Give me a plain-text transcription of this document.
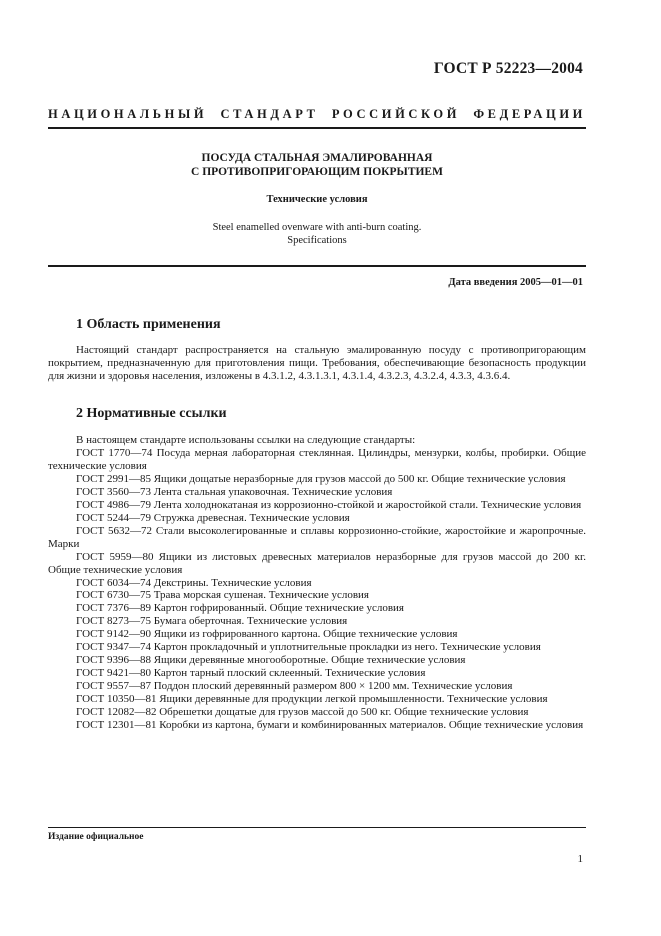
ГОСТ Р 52223—2004
НАЦИОНАЛЬНЫЙ СТАНДАРТ РОССИЙСКОЙ ФЕДЕРАЦИИ
ПОСУДА СТАЛЬНАЯ ЭМАЛИРОВАННАЯ
С ПРОТИВОПРИГОРАЮЩИМ ПОКРЫТИЕМ
Технические условия
Steel enamelled ovenware with anti-burn coating.
Specifications
Дата введения 2005—01—01
1 Область применения
Настоящий стандарт распространяется на стальную эмалированную посуду с противопригорающим покрытием, предназначенную для приготовления пищи. Требования, обеспечивающие безопасность продукции для жизни и здоровья населения, изложены в 4.3.1.2, 4.3.1.3.1, 4.3.1.4, 4.3.2.3, 4.3.2.4, 4.3.3, 4.3.6.4.
2 Нормативные ссылки
В настоящем стандарте использованы ссылки на следующие стандарты:

ГОСТ 1770—74 Посуда мерная лабораторная стеклянная. Цилиндры, мензурки, колбы, пробирки. Общие технические условия

ГОСТ 2991—85 Ящики дощатые неразборные для грузов массой до 500 кг. Общие технические условия

ГОСТ 3560—73 Лента стальная упаковочная. Технические условия

ГОСТ 4986—79 Лента холоднокатаная из коррозионно-стойкой и жаростойкой стали. Технические условия

ГОСТ 5244—79 Стружка древесная. Технические условия

ГОСТ 5632—72 Стали высоколегированные и сплавы коррозионно-стойкие, жаростойкие и жаропрочные. Марки

ГОСТ 5959—80 Ящики из листовых древесных материалов неразборные для грузов массой до 200 кг. Общие технические условия

ГОСТ 6034—74 Декстрины. Технические условия

ГОСТ 6730—75 Трава морская сушеная. Технические условия

ГОСТ 7376—89 Картон гофрированный. Общие технические условия

ГОСТ 8273—75 Бумага оберточная. Технические условия

ГОСТ 9142—90 Ящики из гофрированного картона. Общие технические условия

ГОСТ 9347—74 Картон прокладочный и уплотнительные прокладки из него. Технические условия

ГОСТ 9396—88 Ящики деревянные многооборотные. Общие технические условия

ГОСТ 9421—80 Картон тарный плоский склеенный. Технические условия

ГОСТ 9557—87 Поддон плоский деревянный размером 800 × 1200 мм. Технические условия

ГОСТ 10350—81 Ящики деревянные для продукции легкой промышленности. Технические условия

ГОСТ 12082—82 Обрешетки дощатые для грузов массой до 500 кг. Общие технические условия

ГОСТ 12301—81 Коробки из картона, бумаги и комбинированных материалов. Общие технические условия

Издание официальное
1
